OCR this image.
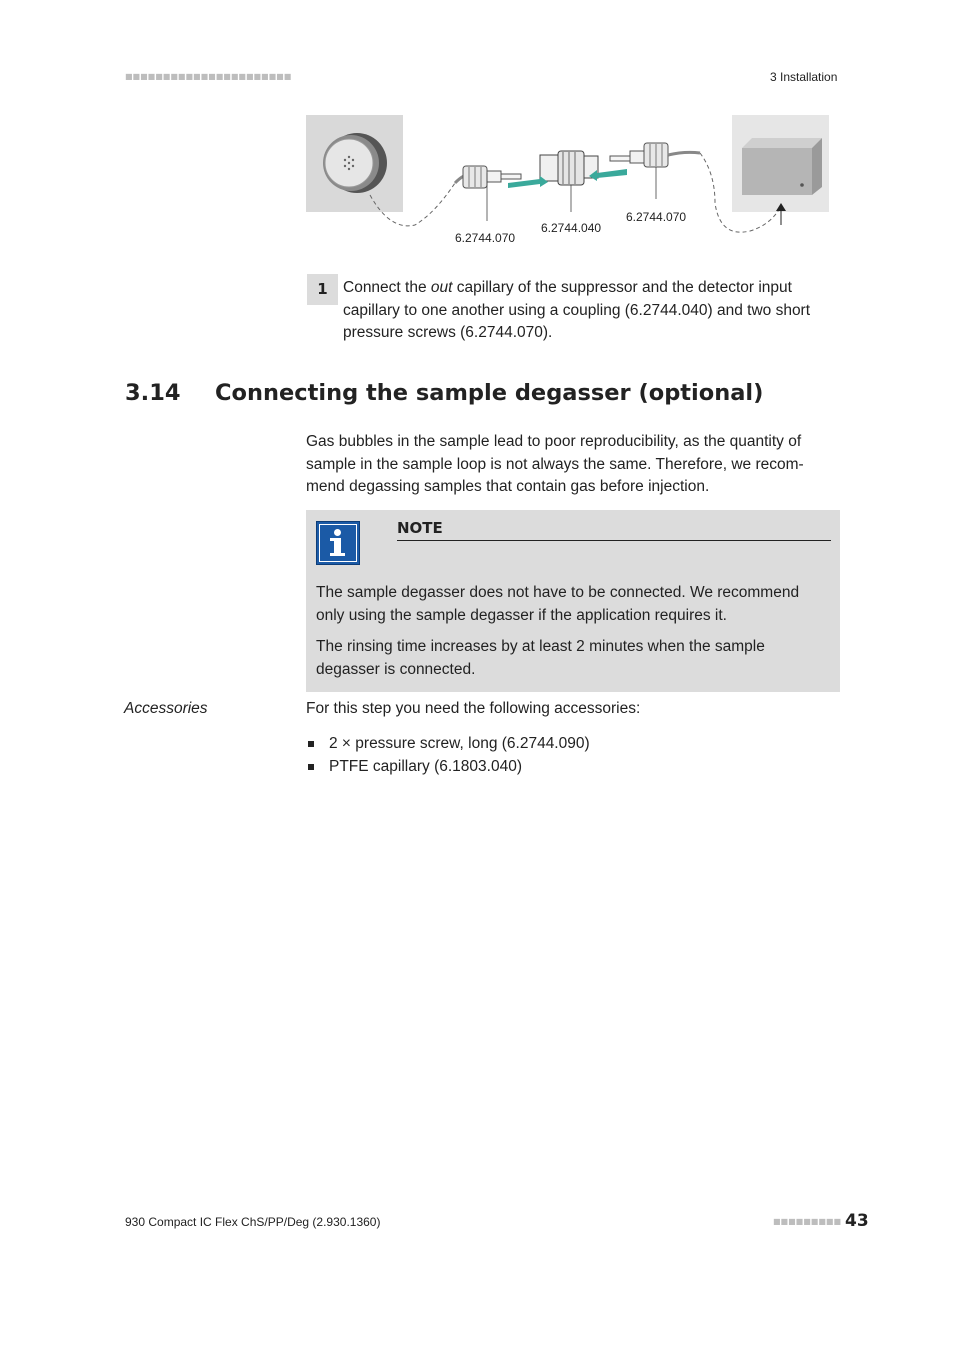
■■■■■■■■■■■■■■■■■■■■■■	3 Installation
6.2744.070
6.2744.040
6.2744.070
1 Connect the out capillary of the suppressor and the detector input capillary to one another using a coupling (6.2744.040) and two short pressure screws (6.2744.070).
3.14 Connecting the sample degasser (optional)
Gas bubbles in the sample lead to poor reproducibility, as the quantity of sample in the sample loop is not always the same. Therefore, we recom-mend degassing samples that contain gas before injection.
NOTE
The sample degasser does not have to be connected. We recommend only using the sample degasser if the application requires it.
The rinsing time increases by at least 2 minutes when the sample degasser is connected.
Accessories	For this step you need the following accessories:
2 × pressure screw, long (6.2744.090)
PTFE capillary (6.1803.040)
930 Compact IC Flex ChS/PP/Deg (2.930.1360)	■■■■■■■■■ 43
